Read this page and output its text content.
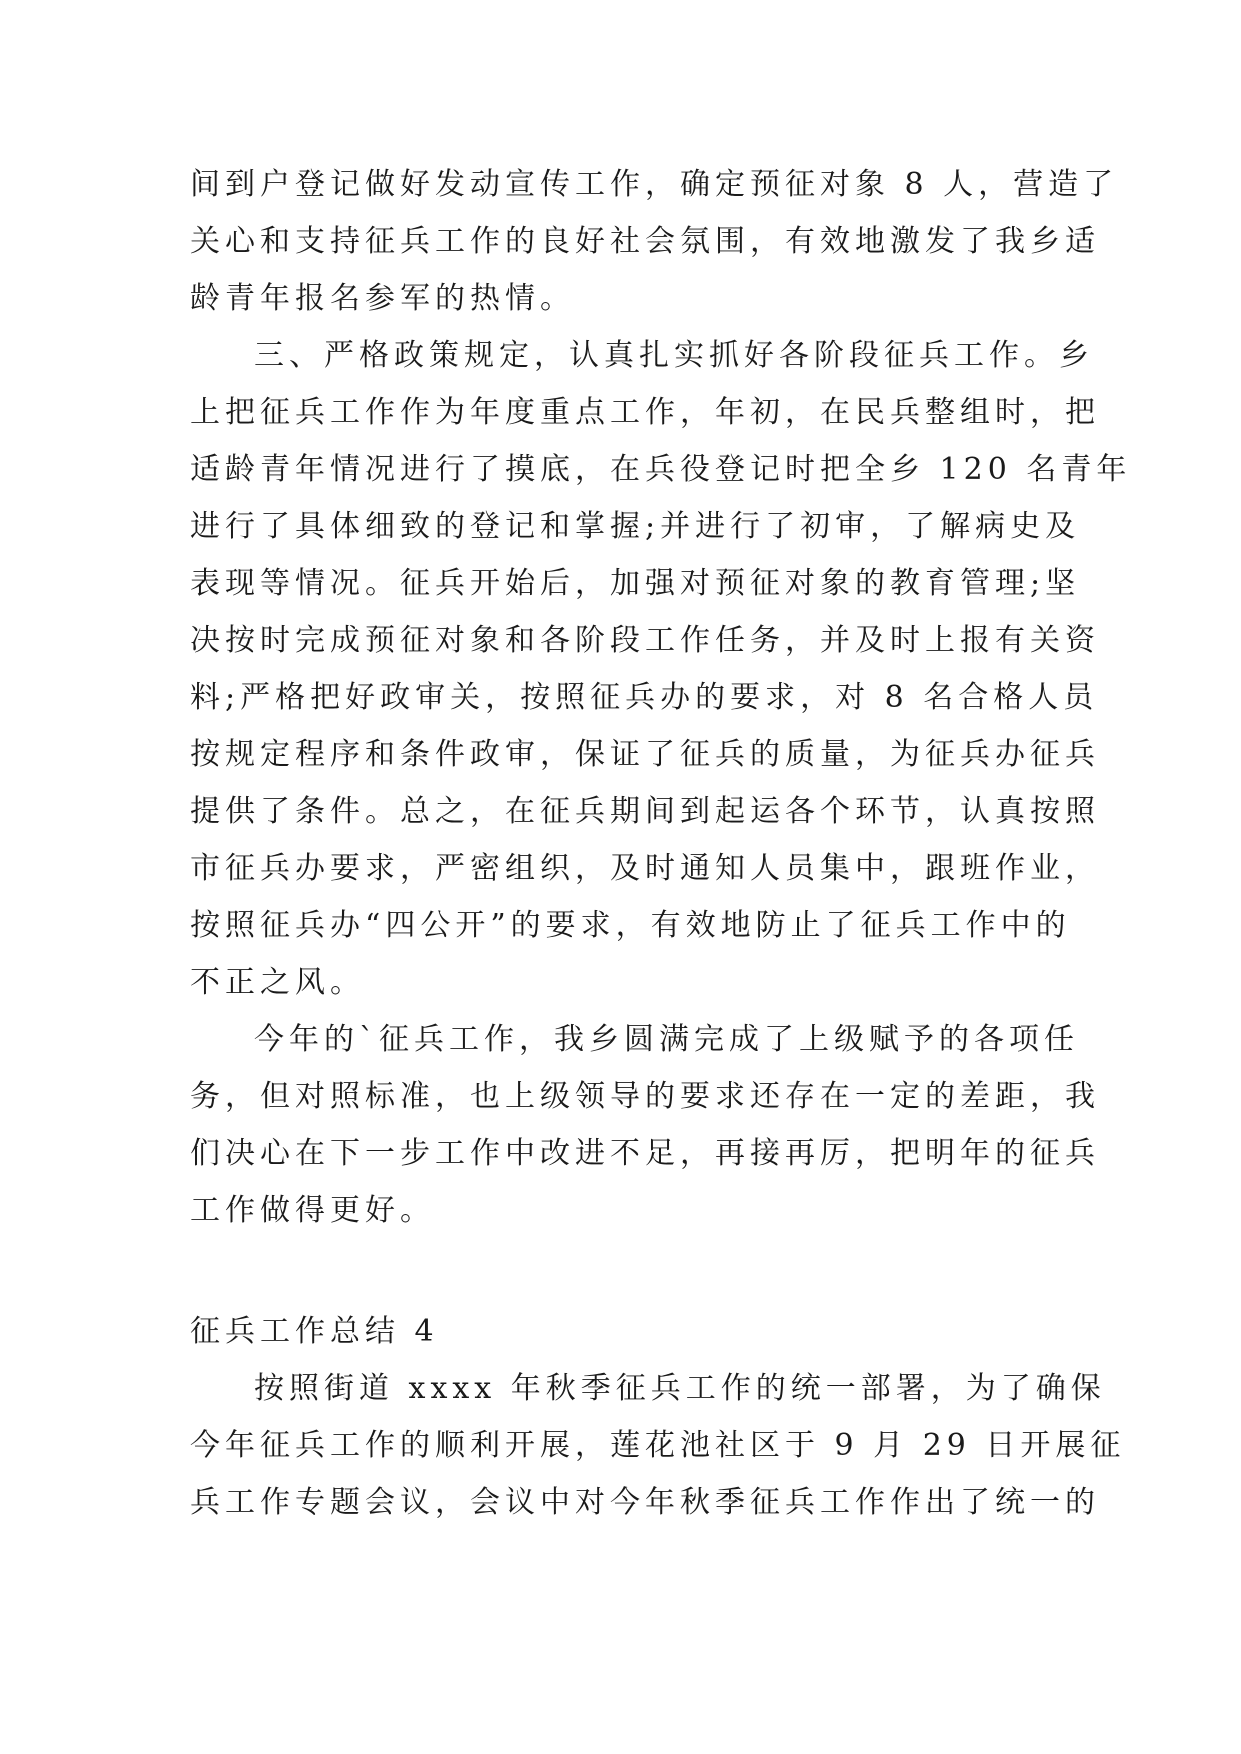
间到户登记做好发动宣传工作，确定预征对象 8 人，营造了
关心和支持征兵工作的良好社会氛围，有效地激发了我乡适
龄青年报名参军的热情。
三、严格政策规定，认真扎实抓好各阶段征兵工作。乡
上把征兵工作作为年度重点工作，年初，在民兵整组时，把
适龄青年情况进行了摸底，在兵役登记时把全乡 120 名青年
进行了具体细致的登记和掌握;并进行了初审，了解病史及
表现等情况。征兵开始后，加强对预征对象的教育管理;坚
决按时完成预征对象和各阶段工作任务，并及时上报有关资
料;严格把好政审关，按照征兵办的要求，对 8 名合格人员
按规定程序和条件政审，保证了征兵的质量，为征兵办征兵
提供了条件。总之，在征兵期间到起运各个环节，认真按照
市征兵办要求，严密组织，及时通知人员集中，跟班作业，
按照征兵办“四公开”的要求，有效地防止了征兵工作中的
不正之风。
今年的`征兵工作，我乡圆满完成了上级赋予的各项任
务，但对照标准，也上级领导的要求还存在一定的差距，我
们决心在下一步工作中改进不足，再接再厉，把明年的征兵
工作做得更好。
征兵工作总结 4
按照街道 xxxx 年秋季征兵工作的统一部署，为了确保
今年征兵工作的顺利开展，莲花池社区于 9 月 29 日开展征
兵工作专题会议，会议中对今年秋季征兵工作作出了统一的
